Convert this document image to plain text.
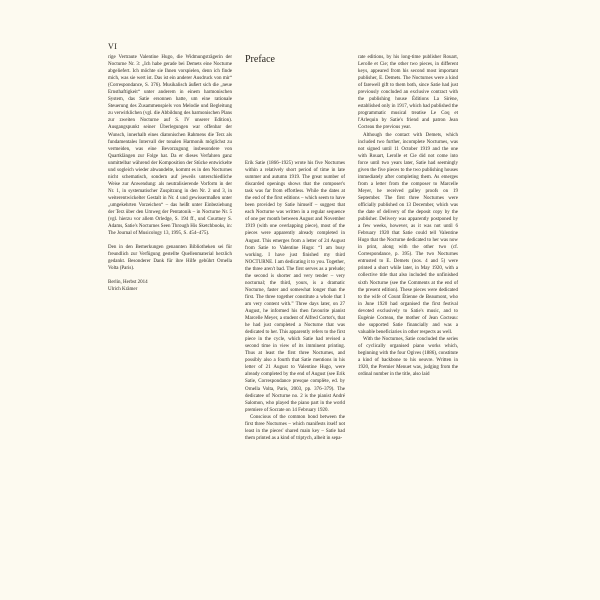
VI

rige Vertraute Valentine Hugo, die Widmungsträgerin der Nocturne Nr. 3: „Ich habe gerade bei Demets eine Nocturne abgeliefert. Ich möchte sie Ihnen vorspielen, denn ich finde mich, was sie wert ist. Das ist ein anderer Ausdruck von mir“ (Correspondance, S. 376). Musikalisch äußert sich die „neue Ernsthaftigkeit“ unter anderem in einem harmonischen System, das Satie ersonnen hatte, um eine rationale Steuerung des Zusammenspiels von Melodie und Begleitung zu verwirklichen (vgl. die Abbildung des harmonischen Plans zur zweiten Nocturne auf S. IV unserer Edition). Ausgangspunkt seiner Überlegungen war offenbar der Wunsch, innerhalb eines diatonischen Rahmens die Terz als fundamentales Intervall der tonalen Harmonik möglichst zu vermeiden, was eine Bevorzugung insbesondere von Quartklängen zur Folge hat. Da er dieses Verfahren ganz unmittelbar während der Komposition der Stücke entwickelte und sogleich wieder abwandelte, kommt es in den Nocturnes nicht schematisch, sondern auf jeweils unterschiedliche Weise zur Anwendung: als neutralisierende Vorform in der Nr. 1, in systematischer Zuspitzung in den Nr. 2 und 3, in weiterentwickelter Gestalt in Nr. 4 und gewissermaßen unter „umgekehrten Vorzeichen“ – das heißt unter Einbeziehung der Terz über den Umweg der Pentatonik – in Nocturne Nr. 5 (vgl. hierzu vor allem Orledge, S. 194 ff., und Courtney S. Adams, Satie's Nocturnes Seen Through His Sketchbooks, in: The Journal of Musicology 13, 1995, S. 454–475).

Den in den Bemerkungen genannten Bibliotheken sei für freundlich zur Verfügung gestellte Quellenmaterial herzlich gedankt. Besonderer Dank für ihre Hilfe gebührt Ornella Volta (Paris).

Berlin, Herbst 2014

Ulrich Krämer

Preface

Erik Satie (1866–1925) wrote his five Nocturnes within a relatively short period of time in late summer and autumn 1919. The great number of discarded openings shows that the composer's task was far from effortless. While the dates at the end of the first editions – which seem to have been provided by Satie himself – suggest that each Nocturne was written in a regular sequence of one per month between August and November 1919 (with one overlapping piece), most of the pieces were apparently already completed in August. This emerges from a letter of 24 August from Satie to Valentine Hugo: “I am busy working. I have just finished my third NOCTURNE. I am dedicating it to you. Together, the three aren't bad. The first serves as a prelude; the second is shorter and very tender – very nocturnal; the third, yours, is a dramatic Nocturne, faster and somewhat longer than the first. The three together constitute a whole that I am very content with.” Three days later, on 27 August, he informed his then favourite pianist Marcelle Meyer, a student of Alfred Cortot's, that he had just completed a Nocturne that was dedicated to her. This apparently refers to the first piece in the cycle, which Satie had revised a second time in view of its imminent printing. Thus at least the first three Nocturnes, and possibly also a fourth that Satie mentions in his letter of 21 August to Valentine Hugo, were already completed by the end of August (see Erik Satie, Correspondance presque complète, ed. by Ornella Volta, Paris, 2003, pp. 376–379). The dedicatee of Nocturne no. 2 is the pianist André Salomon, who played the piano part in the world premiere of Socrate on 14 February 1920.

Conscious of the common bond between the first three Nocturnes – which manifests itself not least in the pieces' shared main key – Satie had them printed as a kind of triptych, albeit in sepa-

rate editions, by his long-time publisher Rouart, Lerolle et Cie; the other two pieces, in different keys, appeared from his second most important publisher, E. Demets. The Nocturnes were a kind of farewell gift to them both, since Satie had just previously concluded an exclusive contract with the publishing house Éditions La Sirène, established only in 1917, which had published the programmatic musical treatise Le Coq et l'Arlequin by Satie's friend and patron Jean Cocteau the previous year.

Although the contact with Demets, which included two further, incomplete Nocturnes, was not signed until 11 October 1919 and the one with Rouart, Lerolle et Cie did not come into force until two years later, Satie had seemingly given the five pieces to the two publishing houses immediately after completing them. As emerges from a letter from the composer to Marcelle Meyer, he received galley proofs on 19 September. The first three Nocturnes were officially published on 13 December, which was the date of delivery of the deposit copy by the publisher. Delivery was apparently postponed by a few weeks, however, as it was not until 6 February 1920 that Satie could tell Valentine Hugo that the Nocturne dedicated to her was now in print, along with the other two (cf. Correspondance, p. 395). The two Nocturnes entrusted to E. Demets (nos. 4 and 5) were printed a short while later, in May 1920, with a collective title that also included the unfinished sixth Nocturne (see the Comments at the end of the present edition). These pieces were dedicated to the wife of Count Étienne de Beaumont, who in June 1920 had organised the first festival devoted exclusively to Satie's music, and to Eugénie Cocteau, the mother of Jean Cocteau: she supported Satie financially and was a valuable beneficiaries in other respects as well.

With the Nocturnes, Satie concluded the series of cyclically organised piano works which, beginning with the four Ogives (1886), constitute a kind of backbone to his oeuvre. Written in 1920, the Premier Menuet was, judging from the ordinal number in the title, also laid
